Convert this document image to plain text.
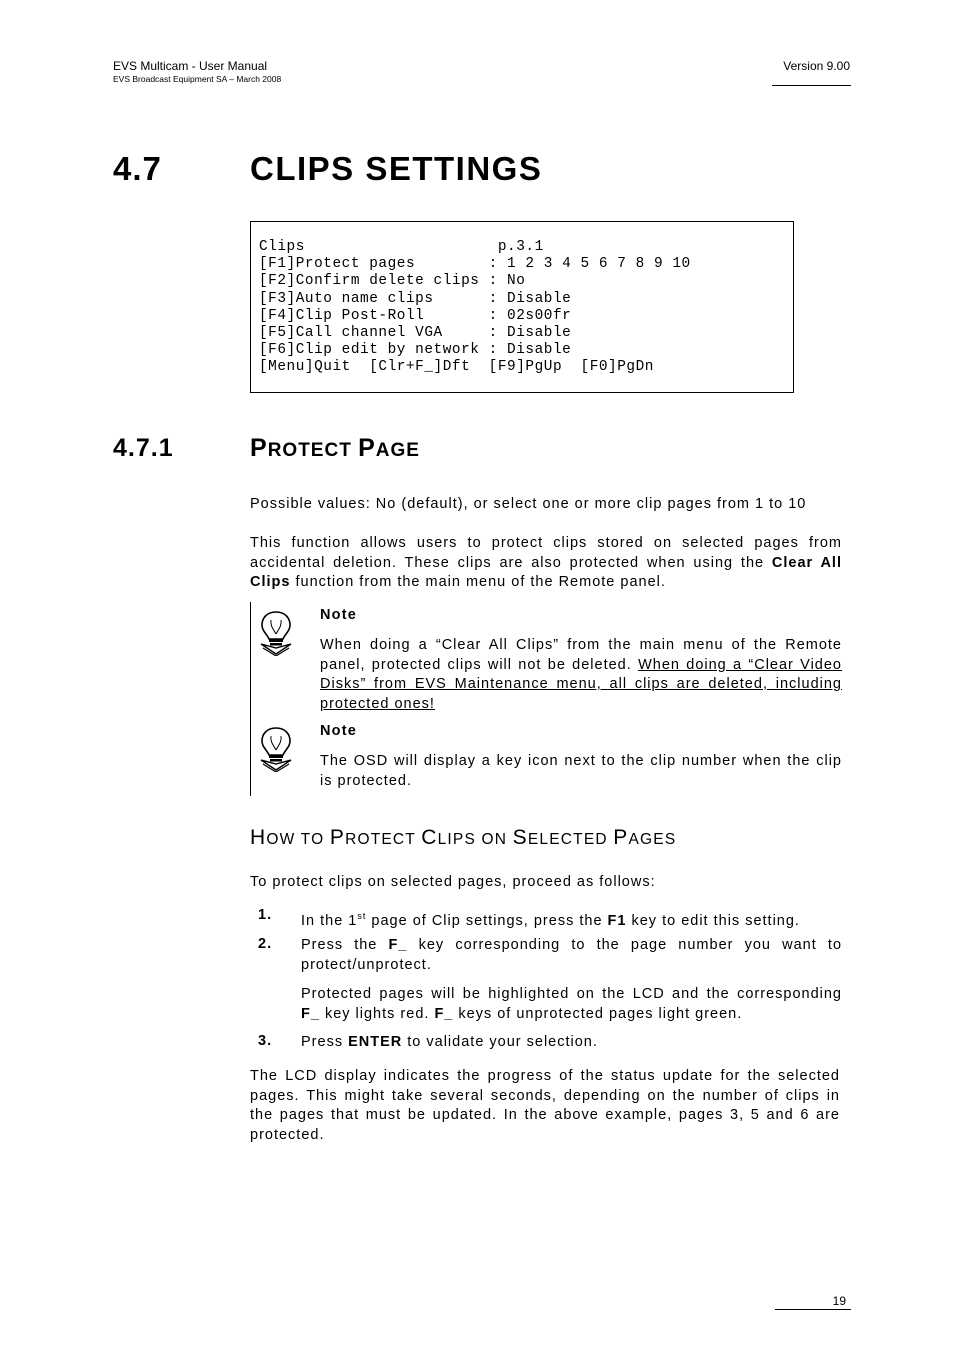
EVS Multicam - User Manual
EVS Broadcast Equipment SA – March 2008
Version 9.00
4.7	CLIPS SETTINGS
Clips                     p.3.1
[F1]Protect pages        : 1 2 3 4 5 6 7 8 9 10
[F2]Confirm delete clips : No
[F3]Auto name clips      : Disable
[F4]Clip Post-Roll       : 02s00fr
[F5]Call channel VGA     : Disable
[F6]Clip edit by network : Disable
[Menu]Quit  [Clr+F_]Dft  [F9]PgUp  [F0]PgDn
4.7.1	PROTECT PAGE
Possible values: No (default), or select one or more clip pages from 1 to 10
This function allows users to protect clips stored on selected pages from accidental deletion. These clips are also protected when using the Clear All Clips function from the main menu of the Remote panel.
Note
When doing a “Clear All Clips” from the main menu of the Remote panel, protected clips will not be deleted. When doing a “Clear Video Disks” from EVS Maintenance menu, all clips are deleted, including protected ones!
Note
The OSD will display a key icon next to the clip number when the clip is protected.
HOW TO PROTECT CLIPS ON SELECTED PAGES
To protect clips on selected pages, proceed as follows:
1. In the 1st page of Clip settings, press the F1 key to edit this setting.
2. Press the F_ key corresponding to the page number you want to protect/unprotect.
Protected pages will be highlighted on the LCD and the corresponding F_ key lights red. F_ keys of unprotected pages light green.
3. Press ENTER to validate your selection.
The LCD display indicates the progress of the status update for the selected pages. This might take several seconds, depending on the number of clips in the pages that must be updated. In the above example, pages 3, 5 and 6 are protected.
19
